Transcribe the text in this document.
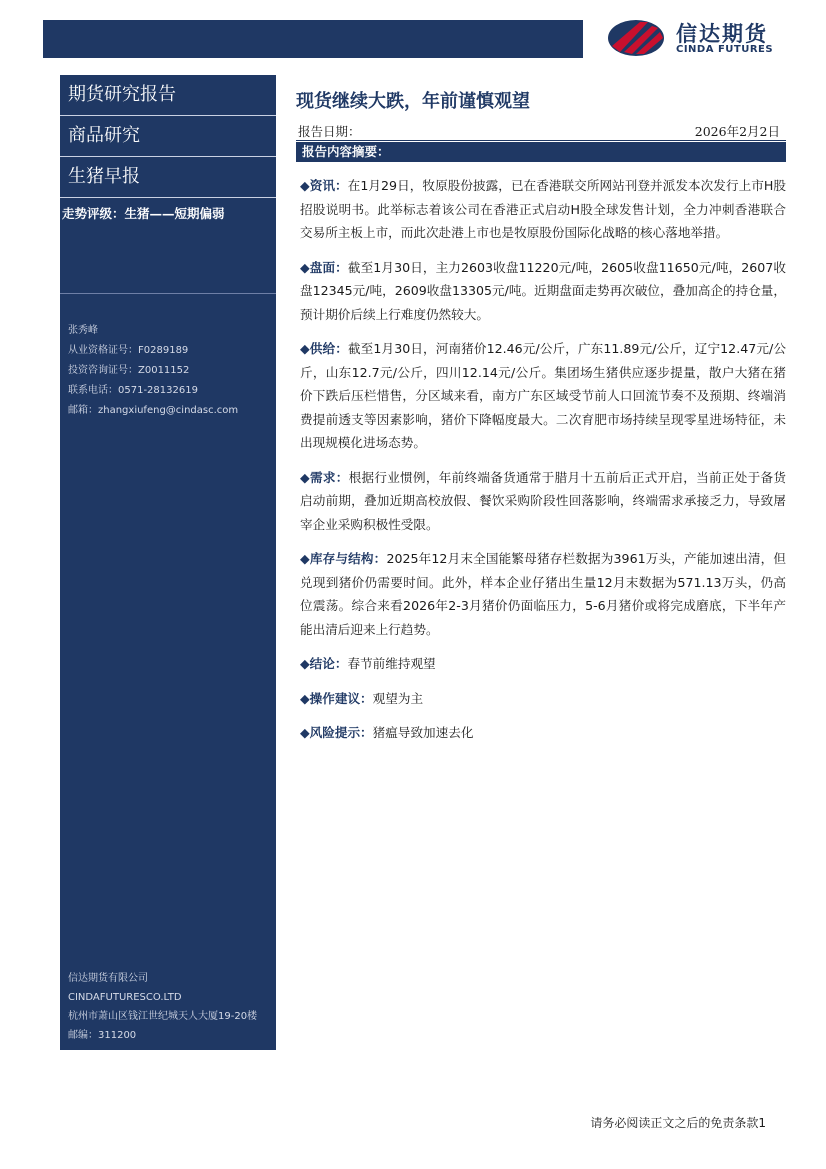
信达期货
CINDA FUTURES
期货研究报告
商品研究
生猪早报
走势评级：生猪——短期偏弱
张秀峰
从业资格证号：F0289189
投资咨询证号：Z0011152
联系电话：0571-28132619
邮箱：zhangxiufeng@cindasc.com
信达期货有限公司
CINDAFUTURESCO.LTD
杭州市萧山区钱江世纪城天人大厦19-20楼
邮编：311200
现货继续大跌，年前谨慎观望
报告日期：	2026年2月2日
报告内容摘要：

◆资讯：在1月29日，牧原股份披露，已在香港联交所网站刊登并派发本次发行上市H股招股说明书。此举标志着该公司在香港正式启动H股全球发售计划，全力冲刺香港联合交易所主板上市，而此次赴港上市也是牧原股份国际化战略的核心落地举措。

◆盘面：截至1月30日，主力2603收盘11220元/吨，2605收盘11650元/吨，2607收盘12345元/吨，2609收盘13305元/吨。近期盘面走势再次破位，叠加高企的持仓量，预计期价后续上行难度仍然较大。

◆供给：截至1月30日，河南猪价12.46元/公斤，广东11.89元/公斤，辽宁12.47元/公斤，山东12.7元/公斤，四川12.14元/公斤。集团场生猪供应逐步提量，散户大猪在猪价下跌后压栏惜售，分区域来看，南方广东区域受节前人口回流节奏不及预期、终端消费提前透支等因素影响，猪价下降幅度最大。二次育肥市场持续呈现零星进场特征，未出现规模化进场态势。

◆需求：根据行业惯例，年前终端备货通常于腊月十五前后正式开启，当前正处于备货启动前期，叠加近期高校放假、餐饮采购阶段性回落影响，终端需求承接乏力，导致屠宰企业采购积极性受限。

◆库存与结构：2025年12月末全国能繁母猪存栏数据为3961万头，产能加速出清，但兑现到猪价仍需要时间。此外，样本企业仔猪出生量12月末数据为571.13万头，仍高位震荡。综合来看2026年2-3月猪价仍面临压力，5-6月猪价或将完成磨底，下半年产能出清后迎来上行趋势。

◆结论：春节前维持观望

◆操作建议：观望为主

◆风险提示：猪瘟导致加速去化

请务必阅读正文之后的免责条款1
